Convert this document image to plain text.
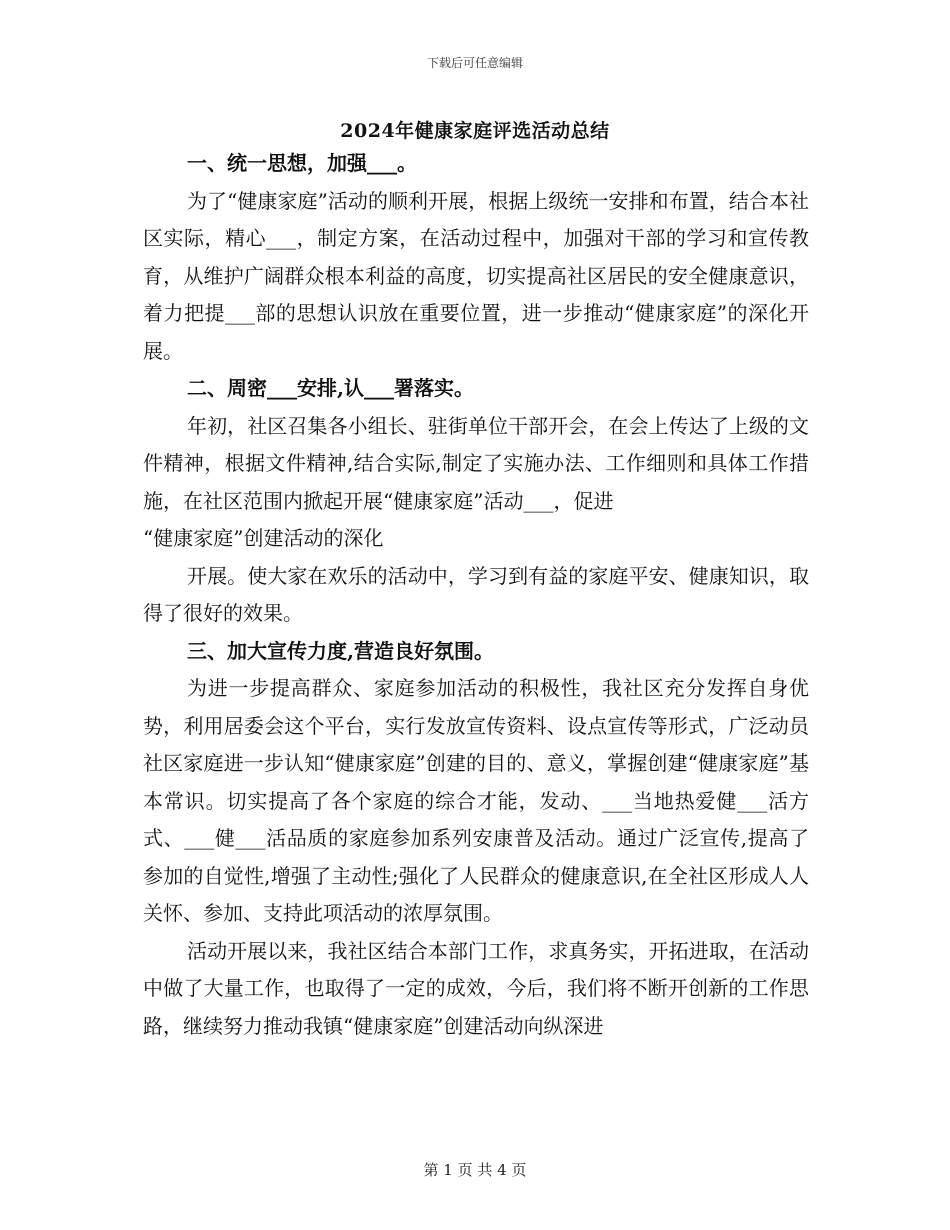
下载后可任意编辑
2024年健康家庭评选活动总结

一、统一思想，加强___。

为了“健康家庭”活动的顺利开展，根据上级统一安排和布置，结合本社区实际，精心___，制定方案，在活动过程中，加强对干部的学习和宣传教育，从维护广阔群众根本利益的高度，切实提高社区居民的安全健康意识，着力把提___部的思想认识放在重要位置，进一步推动“健康家庭”的深化开展。

二、周密___安排,认___署落实。

年初，社区召集各小组长、驻街单位干部开会，在会上传达了上级的文件精神，根据文件精神,结合实际,制定了实施办法、工作细则和具体工作措施，在社区范围内掀起开展“健康家庭”活动___，促进

“健康家庭”创建活动的深化

开展。使大家在欢乐的活动中，学习到有益的家庭平安、健康知识，取得了很好的效果。

三、加大宣传力度,营造良好氛围。

为进一步提高群众、家庭参加活动的积极性，我社区充分发挥自身优势，利用居委会这个平台，实行发放宣传资料、设点宣传等形式，广泛动员社区家庭进一步认知“健康家庭”创建的目的、意义，掌握创建“健康家庭”基本常识。切实提高了各个家庭的综合才能，发动、___当地热爱健___活方式、___健___活品质的家庭参加系列安康普及活动。通过广泛宣传,提高了参加的自觉性,增强了主动性;强化了人民群众的健康意识,在全社区形成人人关怀、参加、支持此项活动的浓厚氛围。

活动开展以来，我社区结合本部门工作，求真务实，开拓进取，在活动中做了大量工作，也取得了一定的成效，今后，我们将不断开创新的工作思路，继续努力推动我镇“健康家庭”创建活动向纵深进

第 1 页 共 4 页
